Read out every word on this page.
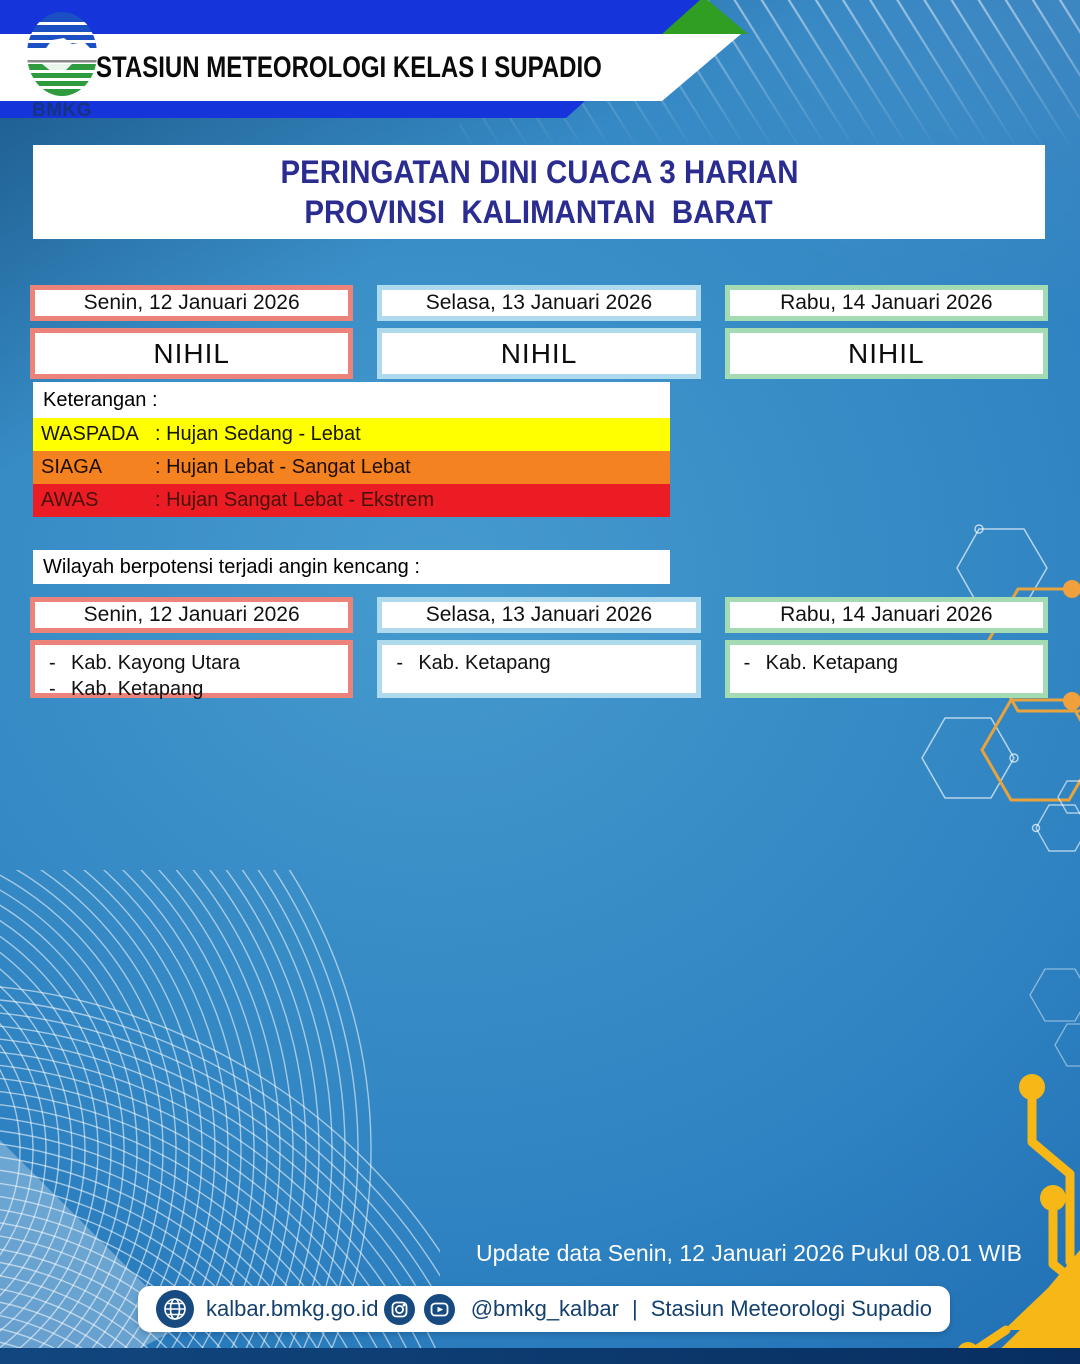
BMKG
STASIUN METEOROLOGI KELAS I SUPADIO
PERINGATAN DINI CUACA 3 HARIAN
PROVINSI  KALIMANTAN  BARAT
Senin, 12 Januari 2026
NIHIL
Selasa, 13 Januari 2026
NIHIL
Rabu, 14 Januari 2026
NIHIL
Keterangan :
WASPADA : Hujan Sedang - Lebat
SIAGA	: Hujan Lebat - Sangat Lebat
AWAS	: Hujan Sangat Lebat - Ekstrem
Wilayah berpotensi terjadi angin kencang :
Senin, 12 Januari 2026
- Kab. Kayong Utara
- Kab. Ketapang
Selasa, 13 Januari 2026
- Kab. Ketapang
Rabu, 14 Januari 2026
- Kab. Ketapang
Update data Senin, 12 Januari 2026 Pukul 08.01 WIB
kalbar.bmkg.go.id	@bmkg_kalbar | Stasiun Meteorologi Supadio
